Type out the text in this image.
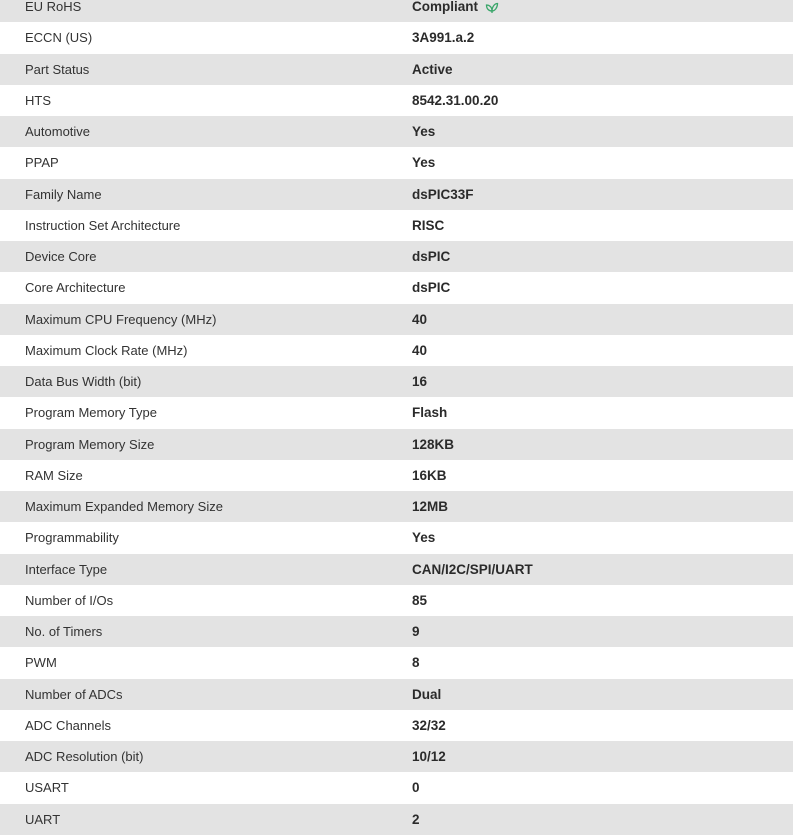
EU RoHS	Compliant
ECCN (US)	3A991.a.2
Part Status	Active
HTS	8542.31.00.20
Automotive	Yes
PPAP	Yes
Family Name	dsPIC33F
Instruction Set Architecture	RISC
Device Core	dsPIC
Core Architecture	dsPIC
Maximum CPU Frequency (MHz)	40
Maximum Clock Rate (MHz)	40
Data Bus Width (bit)	16
Program Memory Type	Flash
Program Memory Size	128KB
RAM Size	16KB
Maximum Expanded Memory Size	12MB
Programmability	Yes
Interface Type	CAN/I2C/SPI/UART
Number of I/Os	85
No. of Timers	9
PWM	8
Number of ADCs	Dual
ADC Channels	32/32
ADC Resolution (bit)	10/12
USART	0
UART	2
